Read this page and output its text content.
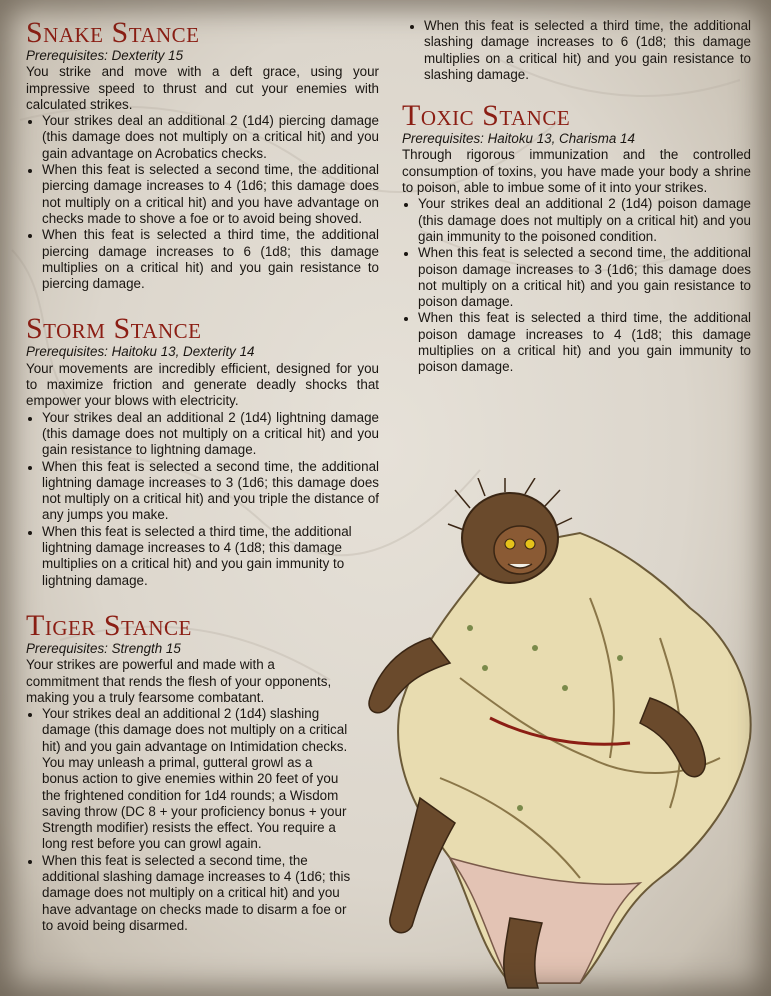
Snake Stance

Prerequisites: Dexterity 15

You strike and move with a deft grace, using your impressive speed to thrust and cut your enemies with calculated strikes.

• Your strikes deal an additional 2 (1d4) piercing damage (this damage does not multiply on a critical hit) and you gain advantage on Acrobatics checks.
• When this feat is selected a second time, the additional piercing damage increases to 4 (1d6; this damage does not multiply on a critical hit) and you have advantage on checks made to shove a foe or to avoid being shoved.
• When this feat is selected a third time, the additional piercing damage increases to 6 (1d8; this damage multiplies on a critical hit) and you gain resistance to piercing damage.
Storm Stance

Prerequisites: Haitoku 13, Dexterity 14

Your movements are incredibly efficient, designed for you to maximize friction and generate deadly shocks that empower your blows with electricity.

• Your strikes deal an additional 2 (1d4) lightning damage (this damage does not multiply on a critical hit) and you gain resistance to lightning damage.
• When this feat is selected a second time, the additional lightning damage increases to 3 (1d6; this damage does not multiply on a critical hit) and you triple the distance of any jumps you make.
• When this feat is selected a third time, the additional lightning damage increases to 4 (1d8; this damage multiplies on a critical hit) and you gain immunity to lightning damage.
Tiger Stance

Prerequisites: Strength 15

Your strikes are powerful and made with a commitment that rends the flesh of your opponents, making you a truly fearsome combatant.

• Your strikes deal an additional 2 (1d4) slashing damage (this damage does not multiply on a critical hit) and you gain advantage on Intimidation checks. You may unleash a primal, gutteral growl as a bonus action to give enemies within 20 feet of you the frightened condition for 1d4 rounds; a Wisdom saving throw (DC 8 + your proficiency bonus + your Strength modifier) resists the effect. You require a long rest before you can growl again.
• When this feat is selected a second time, the additional slashing damage increases to 4 (1d6; this damage does not multiply on a critical hit) and you have advantage on checks made to disarm a foe or to avoid being disarmed.
• When this feat is selected a third time, the additional slashing damage increases to 6 (1d8; this damage multiplies on a critical hit) and you gain resistance to slashing damage.
Toxic Stance

Prerequisites: Haitoku 13, Charisma 14

Through rigorous immunization and the controlled consumption of toxins, you have made your body a shrine to poison, able to imbue some of it into your strikes.

• Your strikes deal an additional 2 (1d4) poison damage (this damage does not multiply on a critical hit) and you gain immunity to the poisoned condition.
• When this feat is selected a second time, the additional poison damage increases to 3 (1d6; this damage does not multiply on a critical hit) and you gain resistance to poison damage.
• When this feat is selected a third time, the additional poison damage increases to 4 (1d8; this damage multiplies on a critical hit) and you gain immunity to poison damage.
